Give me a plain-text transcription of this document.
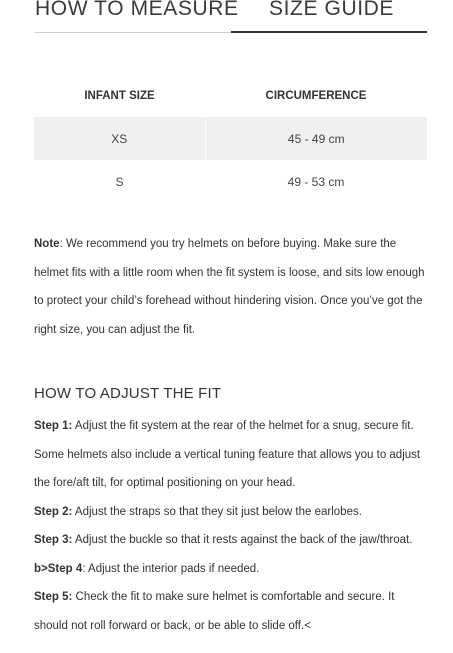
HOW TO MEASURE SIZE GUIDE
INFANT SIZE	CIRCUMFERENCE
XS	45 - 49 cm
S	49 - 53 cm
Note: We recommend you try helmets on before buying. Make sure the helmet fits with a little room when the fit system is loose, and sits low enough to protect your child’s forehead without hindering vision. Once you’ve got the right size, you can adjust the fit.
HOW TO ADJUST THE FIT

Step 1: Adjust the fit system at the rear of the helmet for a snug, secure fit. Some helmets also include a vertical tuning feature that allows you to adjust the fore/aft tilt, for optimal positioning on your head.

Step 2: Adjust the straps so that they sit just below the earlobes.

Step 3: Adjust the buckle so that it rests against the back of the jaw/throat.

b>Step 4: Adjust the interior pads if needed.

Step 5: Check the fit to make sure helmet is comfortable and secure. It should not roll forward or back, or be able to slide off.<
